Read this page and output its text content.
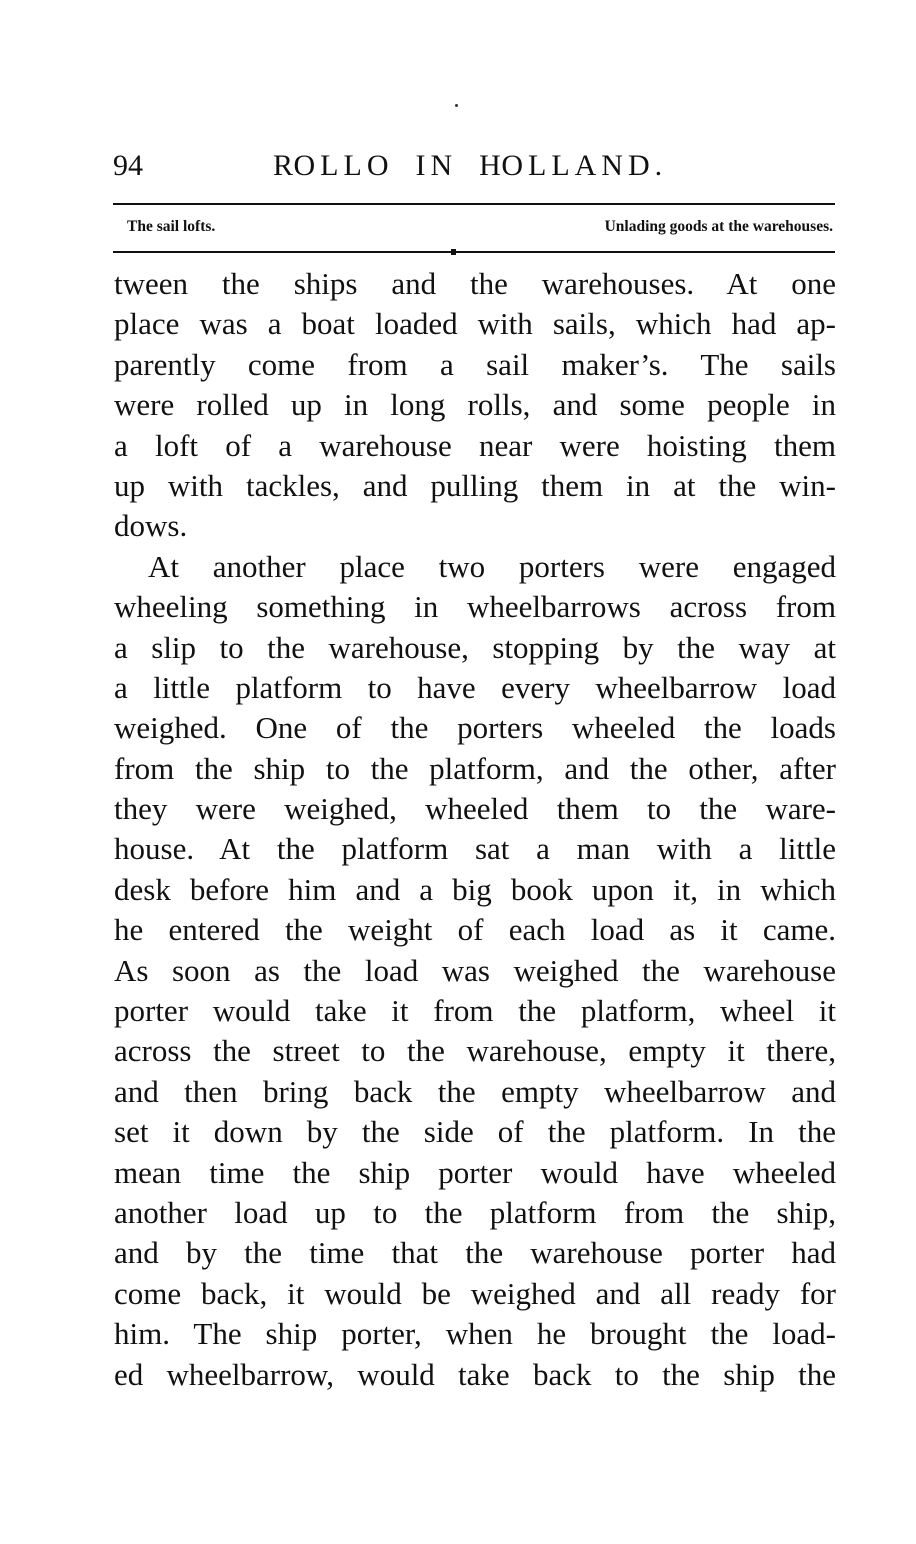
94	ROLLO IN HOLLAND.
The sail lofts.	Unlading goods at the warehouses.
tween the ships and the warehouses. At one
place was a boat loaded with sails, which had ap-
parently come from a sail maker’s. The sails
were rolled up in long rolls, and some people in
a loft of a warehouse near were hoisting them
up with tackles, and pulling them in at the win-
dows.
At another place two porters were engaged
wheeling something in wheelbarrows across from
a slip to the warehouse, stopping by the way at
a little platform to have every wheelbarrow load
weighed. One of the porters wheeled the loads
from the ship to the platform, and the other, after
they were weighed, wheeled them to the ware-
house. At the platform sat a man with a little
desk before him and a big book upon it, in which
he entered the weight of each load as it came.
As soon as the load was weighed the warehouse
porter would take it from the platform, wheel it
across the street to the warehouse, empty it there,
and then bring back the empty wheelbarrow and
set it down by the side of the platform. In the
mean time the ship porter would have wheeled
another load up to the platform from the ship,
and by the time that the warehouse porter had
come back, it would be weighed and all ready for
him. The ship porter, when he brought the load-
ed wheelbarrow, would take back to the ship the
